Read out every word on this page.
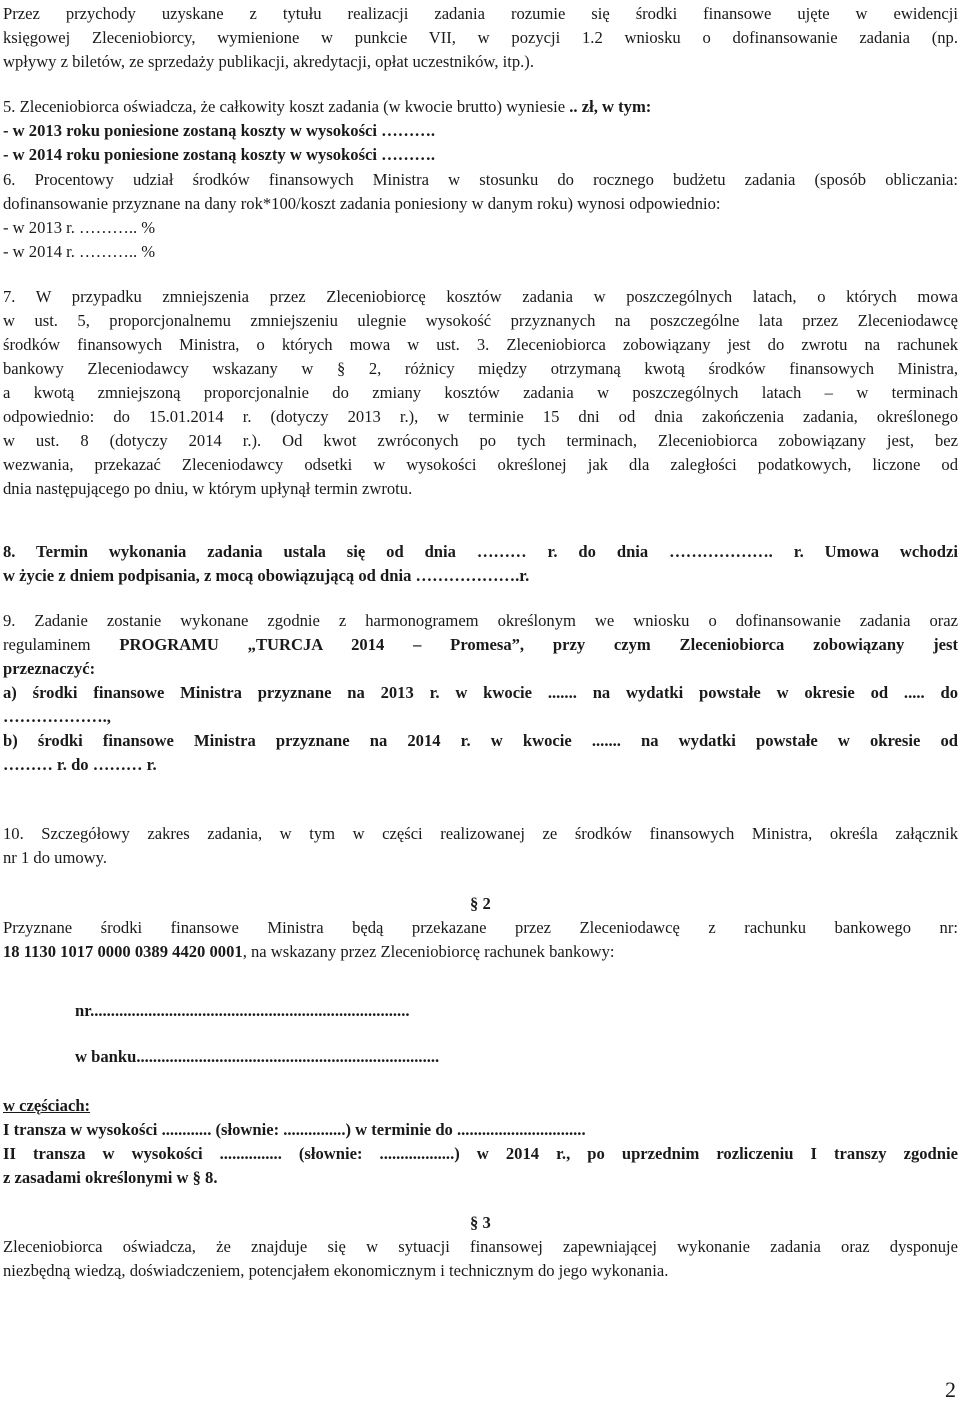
Przez przychody uzyskane z tytułu realizacji zadania rozumie się środki finansowe ujęte w ewidencji
księgowej Zleceniobiorcy, wymienione w punkcie VII, w pozycji 1.2 wniosku o dofinansowanie zadania (np.
wpływy z biletów, ze sprzedaży publikacji, akredytacji, opłat uczestników, itp.).
5. Zleceniobiorca oświadcza, że całkowity koszt zadania (w kwocie brutto) wyniesie .. zł, w tym:
- w 2013 roku poniesione zostaną koszty w wysokości ……….
- w 2014 roku poniesione zostaną koszty w wysokości ……….
6. Procentowy udział środków finansowych Ministra w stosunku do rocznego budżetu zadania (sposób obliczania:
dofinansowanie przyznane na dany rok*100/koszt zadania poniesiony w danym roku) wynosi odpowiednio:
- w 2013 r. ……….. %
- w 2014 r. ……….. %
7. W przypadku zmniejszenia przez Zleceniobiorcę kosztów zadania w poszczególnych latach, o których mowa
w ust. 5, proporcjonalnemu zmniejszeniu ulegnie wysokość przyznanych na poszczególne lata przez Zleceniodawcę
środków finansowych Ministra, o których mowa w ust. 3. Zleceniobiorca zobowiązany jest do zwrotu na rachunek
bankowy Zleceniodawcy wskazany w § 2, różnicy między otrzymaną kwotą środków finansowych Ministra,
a kwotą zmniejszoną proporcjonalnie do zmiany kosztów zadania w poszczególnych latach – w terminach
odpowiednio: do 15.01.2014 r. (dotyczy 2013 r.), w terminie 15 dni od dnia zakończenia zadania, określonego
w ust. 8 (dotyczy 2014 r.). Od kwot zwróconych po tych terminach, Zleceniobiorca zobowiązany jest, bez
wezwania, przekazać Zleceniodawcy odsetki w wysokości określonej jak dla zaległości podatkowych, liczone od
dnia następującego po dniu, w którym upłynął termin zwrotu.
8. Termin wykonania zadania ustala się od dnia ……… r. do dnia ………………. r. Umowa wchodzi
w życie z dniem podpisania, z mocą obowiązującą od dnia ……………….r.
9. Zadanie zostanie wykonane zgodnie z harmonogramem określonym we wniosku o dofinansowanie zadania oraz
regulaminem PROGRAMU „TURCJA 2014 – Promesa”, przy czym Zleceniobiorca zobowiązany jest
przeznaczyć:
a) środki finansowe Ministra przyznane na 2013 r. w kwocie ....... na wydatki powstałe w okresie od ..... do
……………….,
b) środki finansowe Ministra przyznane na 2014 r. w kwocie ....... na wydatki powstałe w okresie od
……… r. do ……… r.
10. Szczegółowy zakres zadania, w tym w części realizowanej ze środków finansowych Ministra, określa załącznik
nr 1 do umowy.
§ 2
Przyznane środki finansowe Ministra będą przekazane przez Zleceniodawcę z rachunku bankowego nr:
18 1130 1017 0000 0389 4420 0001, na wskazany przez Zleceniobiorcę rachunek bankowy:
nr.............................................................................
w banku.........................................................................
w częściach:
I transza w wysokości ............ (słownie: ...............) w terminie do ...............................
II transza w wysokości ............... (słownie: ..................) w 2014 r., po uprzednim rozliczeniu I transzy zgodnie
z zasadami określonymi w § 8.
§ 3
Zleceniobiorca oświadcza, że znajduje się w sytuacji finansowej zapewniającej wykonanie zadania oraz dysponuje
niezbędną wiedzą, doświadczeniem, potencjałem ekonomicznym i technicznym do jego wykonania.
2
